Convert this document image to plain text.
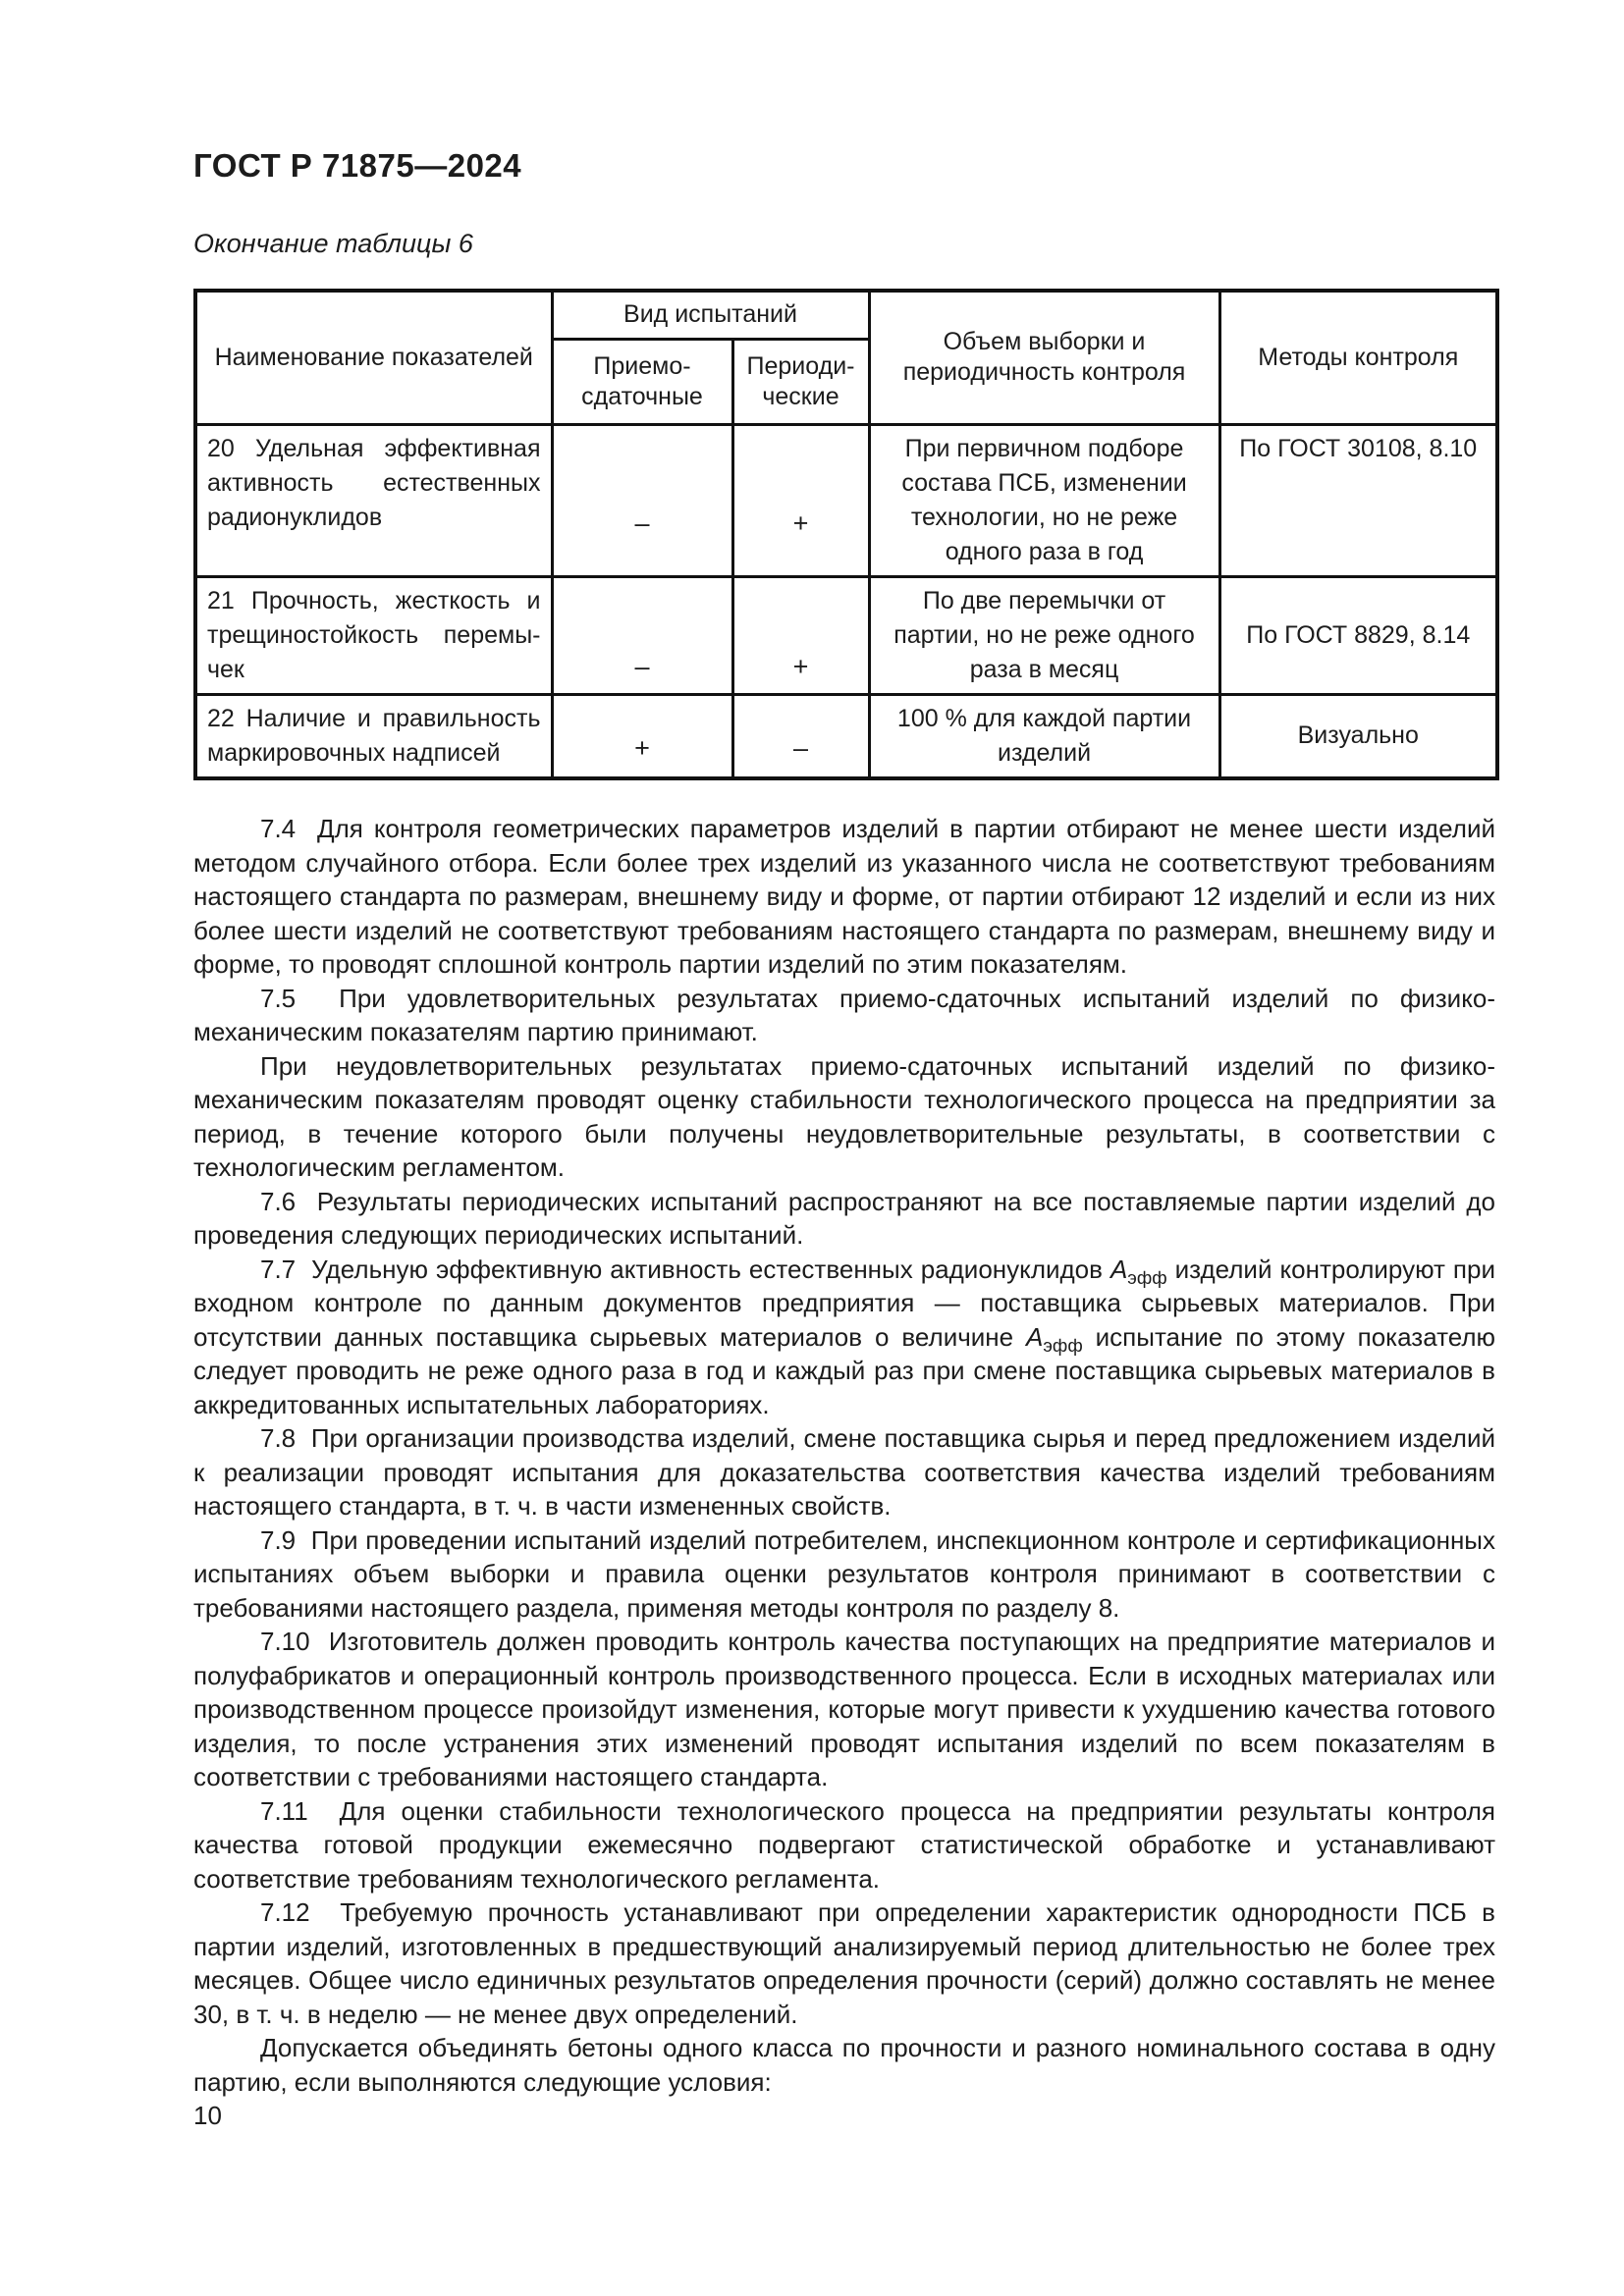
ГОСТ Р 71875—2024

Окончание таблицы 6

Наименование показателей	Вид испытаний		Объем выборки и периодичность контроля	Методы контроля
	Приемо-сдаточные	Периоди-ческие		
20 Удельная эффективная активность естественных радионуклидов	–	+	При первичном подборе состава ПСБ, изменении технологии, но не реже одного раза в год	По ГОСТ 30108, 8.10
21 Прочность, жесткость и трещиностойкость перемы-чек	–	+	По две перемычки от партии, но не реже одного раза в месяц	По ГОСТ 8829, 8.14
22 Наличие и правильность маркировочных надписей	+	–	100 % для каждой партии изделий	Визуально

7.4  Для контроля геометрических параметров изделий в партии отбирают не менее шести изделий методом случайного отбора. Если более трех изделий из указанного числа не соответствуют требованиям настоящего стандарта по размерам, внешнему виду и форме, от партии отбирают 12 изделий и если из них более шести изделий не соответствуют требованиям настоящего стандарта по размерам, внешнему виду и форме, то проводят сплошной контроль партии изделий по этим показателям.

7.5  При удовлетворительных результатах приемо-сдаточных испытаний изделий по физико-механическим показателям партию принимают.

При неудовлетворительных результатах приемо-сдаточных испытаний изделий по физико-механическим показателям проводят оценку стабильности технологического процесса на предприятии за период, в течение которого были получены неудовлетворительные результаты, в соответствии с технологическим регламентом.

7.6  Результаты периодических испытаний распространяют на все поставляемые партии изделий до проведения следующих периодических испытаний.

7.7  Удельную эффективную активность естественных радионуклидов $А_{эфф}$ изделий контролируют при входном контроле по данным документов предприятия — поставщика сырьевых материалов. При отсутствии данных поставщика сырьевых материалов о величине $А_{эфф}$ испытание по этому показателю следует проводить не реже одного раза в год и каждый раз при смене поставщика сырьевых материалов в аккредитованных испытательных лабораториях.

7.8  При организации производства изделий, смене поставщика сырья и перед предложением изделий к реализации проводят испытания для доказательства соответствия качества изделий требованиям настоящего стандарта, в т. ч. в части измененных свойств.

7.9  При проведении испытаний изделий потребителем, инспекционном контроле и сертификационных испытаниях объем выборки и правила оценки результатов контроля принимают в соответствии с требованиями настоящего раздела, применяя методы контроля по разделу 8.

7.10  Изготовитель должен проводить контроль качества поступающих на предприятие материалов и полуфабрикатов и операционный контроль производственного процесса. Если в исходных материалах или производственном процессе произойдут изменения, которые могут привести к ухудшению качества готового изделия, то после устранения этих изменений проводят испытания изделий по всем показателям в соответствии с требованиями настоящего стандарта.

7.11  Для оценки стабильности технологического процесса на предприятии результаты контроля качества готовой продукции ежемесячно подвергают статистической обработке и устанавливают соответствие требованиям технологического регламента.

7.12  Требуемую прочность устанавливают при определении характеристик однородности ПСБ в партии изделий, изготовленных в предшествующий анализируемый период длительностью не более трех месяцев. Общее число единичных результатов определения прочности (серий) должно составлять не менее 30, в т. ч. в неделю — не менее двух определений.

Допускается объединять бетоны одного класса по прочности и разного номинального состава в одну партию, если выполняются следующие условия:

10
